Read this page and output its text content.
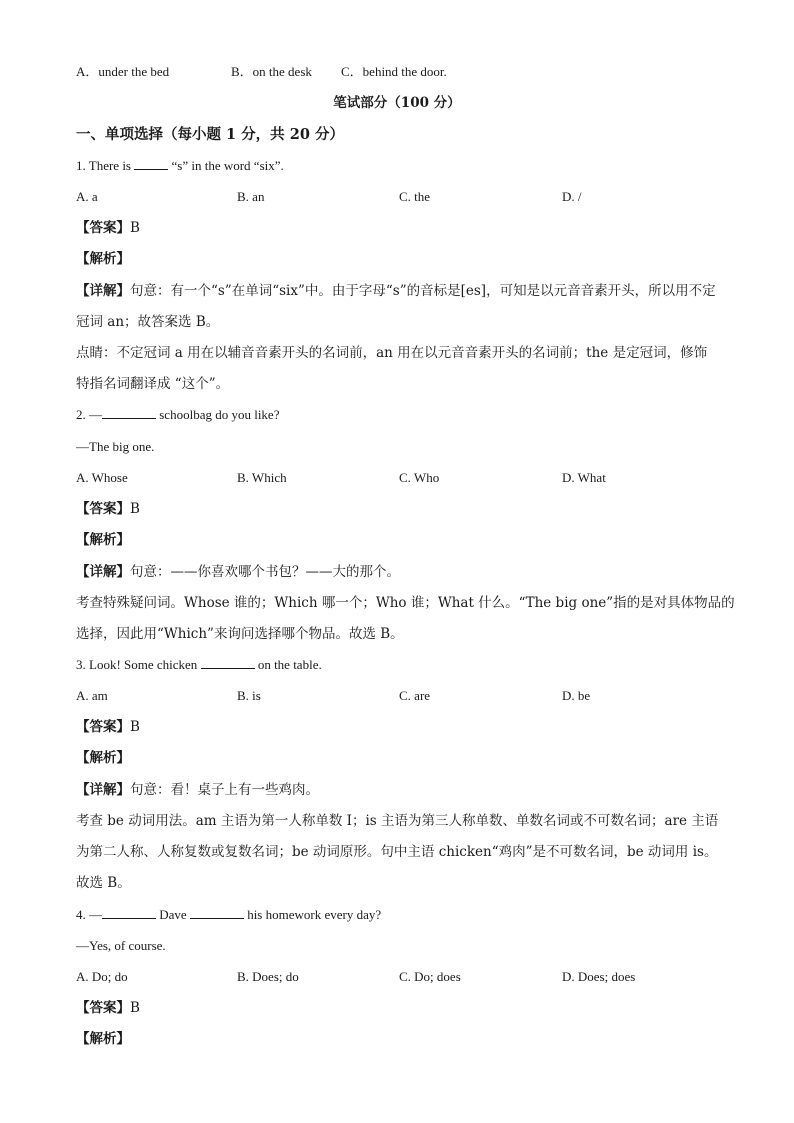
A．under the bed	B．on the desk C．behind the door.
笔试部分（100 分）
一、单项选择（每小题 1 分，共 20 分）
1. There is	“s” in the word “six”.
A. a	B. an	C. the	D. /
【答案】B
【解析】
【详解】句意：有一个“s”在单词“six”中。由于字母“s”的音标是[es]，可知是以元音音素开头，所以用不定
冠词 an；故答案选 B。
点睛：不定冠词 a 用在以辅音音素开头的名词前，an 用在以元音音素开头的名词前；the 是定冠词，修饰
特指名词翻译成 “这个”。
2. —	schoolbag do you like?
—The big one.
A. Whose	B. Which	C. Who	D. What
【答案】B
【解析】
【详解】句意：——你喜欢哪个书包？——大的那个。
考查特殊疑问词。Whose 谁的；Which 哪一个；Who 谁；What 什么。“The big one”指的是对具体物品的
选择，因此用“Which”来询问选择哪个物品。故选 B。
3. Look! Some chicken	on the table.
A. am	B. is	C. are	D. be
【答案】B
【解析】
【详解】句意：看！桌子上有一些鸡肉。
考查 be 动词用法。am 主语为第一人称单数 I；is 主语为第三人称单数、单数名词或不可数名词；are 主语
为第二人称、人称复数或复数名词；be 动词原形。句中主语 chicken“鸡肉”是不可数名词，be 动词用 is。
故选 B。
4. —	Dave	his homework every day?
—Yes, of course.
A. Do; do	B. Does; do	C. Do; does	D. Does; does
【答案】B
【解析】
